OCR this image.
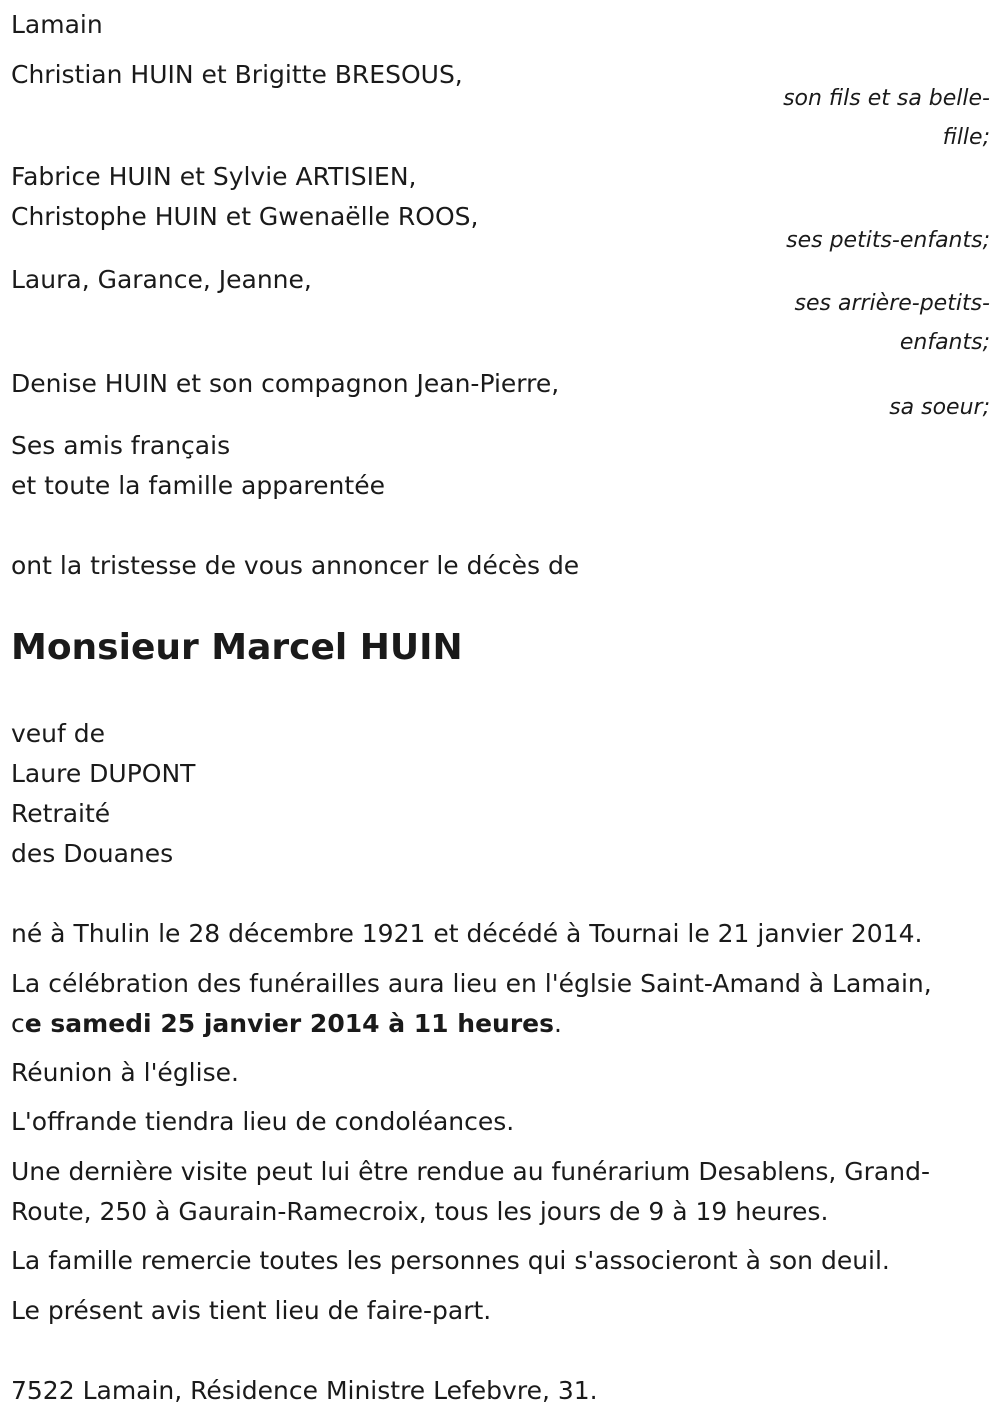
Lamain
Christian HUIN et Brigitte BRESOUS,
son fils et sa belle-
fille;
Fabrice HUIN et Sylvie ARTISIEN,
Christophe HUIN et Gwenaëlle ROOS,
ses petits-enfants;
Laura, Garance, Jeanne,
ses arrière-petits-
enfants;
Denise HUIN et son compagnon Jean-Pierre,
sa soeur;
Ses amis français
et toute la famille apparentée
ont la tristesse de vous annoncer le décès de
Monsieur Marcel HUIN
veuf de
Laure DUPONT
Retraité
des Douanes
né à Thulin le 28 décembre 1921 et décédé à Tournai le 21 janvier 2014.
La célébration des funérailles aura lieu en l'églsie Saint-Amand à Lamain,
ce samedi 25 janvier 2014 à 11 heures.
Réunion à l'église.
L'offrande tiendra lieu de condoléances.
Une dernière visite peut lui être rendue au funérarium Desablens, Grand-
Route, 250 à Gaurain-Ramecroix, tous les jours de 9 à 19 heures.
La famille remercie toutes les personnes qui s'associeront à son deuil.
Le présent avis tient lieu de faire-part.
7522 Lamain, Résidence Ministre Lefebvre, 31.
